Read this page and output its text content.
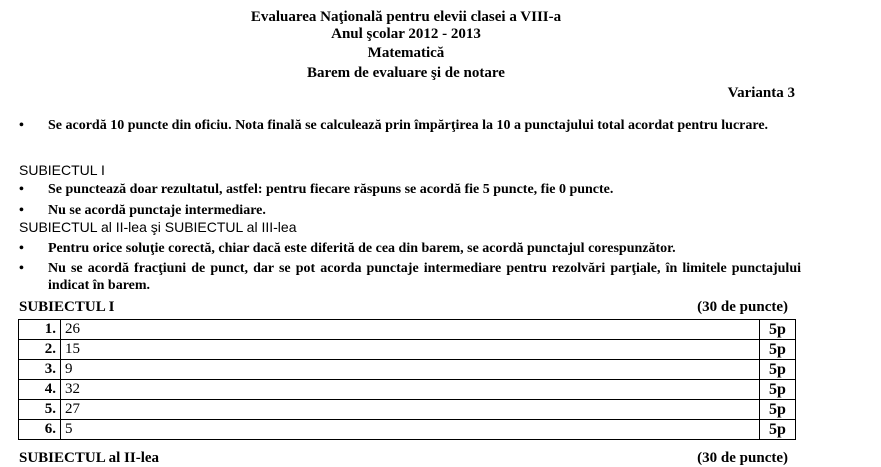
Evaluarea Naţională pentru elevii clasei a VIII-a
Anul şcolar 2012 - 2013
Matematică
Barem de evaluare şi de notare
Varianta 3
• Se acordă 10 puncte din oficiu. Nota finală se calculează prin împărţirea la 10 a punctajului total acordat pentru lucrare.
SUBIECTUL I
• Se punctează doar rezultatul, astfel: pentru fiecare răspuns se acordă fie 5 puncte, fie 0 puncte.
• Nu se acordă punctaje intermediare.
SUBIECTUL al II-lea şi SUBIECTUL al III-lea
• Pentru orice soluţie corectă, chiar dacă este diferită de cea din barem, se acordă punctajul corespunzător.
• Nu se acordă fracţiuni de punct, dar se pot acorda punctaje intermediare pentru rezolvări parţiale, în limitele punctajului indicat în barem.
SUBIECTUL I	(30 de puncte)
1.	26	5p
2.	15	5p
3.	9	5p
4.	32	5p
5.	27	5p
6.	5	5p
SUBIECTUL al II-lea	(30 de puncte)
